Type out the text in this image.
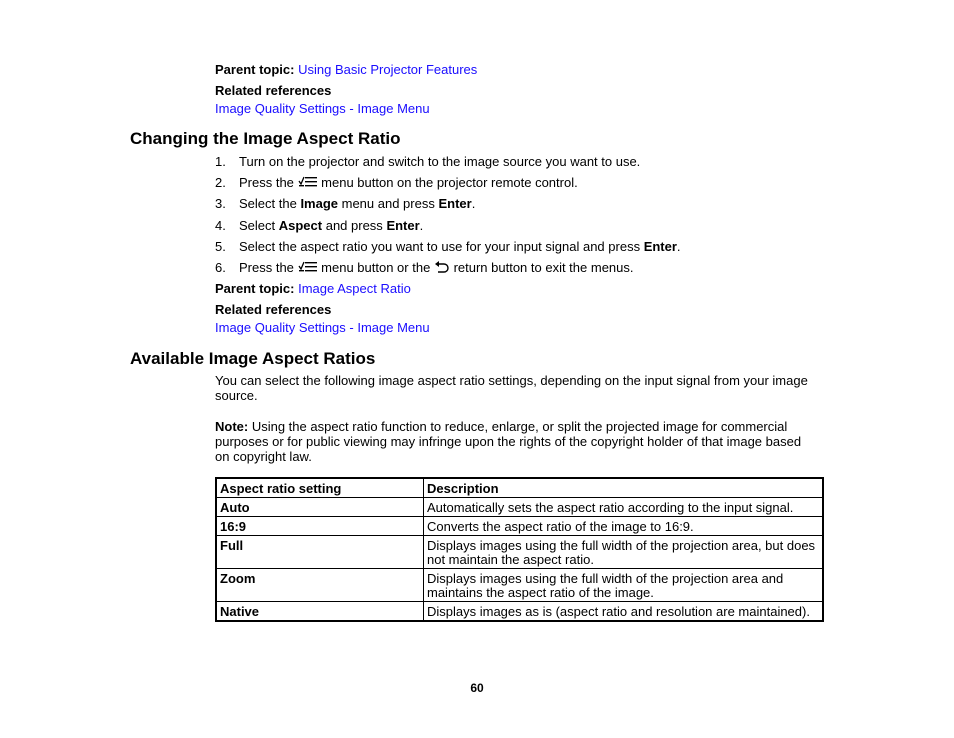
Parent topic: Using Basic Projector Features
Related references
Image Quality Settings - Image Menu
Changing the Image Aspect Ratio
1. Turn on the projector and switch to the image source you want to use.
2. Press the menu button on the projector remote control.
3. Select the Image menu and press Enter.
4. Select Aspect and press Enter.
5. Select the aspect ratio you want to use for your input signal and press Enter.
6. Press the menu button or the return button to exit the menus.
Parent topic: Image Aspect Ratio
Related references
Image Quality Settings - Image Menu
Available Image Aspect Ratios
You can select the following image aspect ratio settings, depending on the input signal from your image source.
Note: Using the aspect ratio function to reduce, enlarge, or split the projected image for commercial purposes or for public viewing may infringe upon the rights of the copyright holder of that image based on copyright law.
Aspect ratio setting	Description
Auto	Automatically sets the aspect ratio according to the input signal.
16:9	Converts the aspect ratio of the image to 16:9.
Full	Displays images using the full width of the projection area, but does not maintain the aspect ratio.
Zoom	Displays images using the full width of the projection area and maintains the aspect ratio of the image.
Native	Displays images as is (aspect ratio and resolution are maintained).
60
